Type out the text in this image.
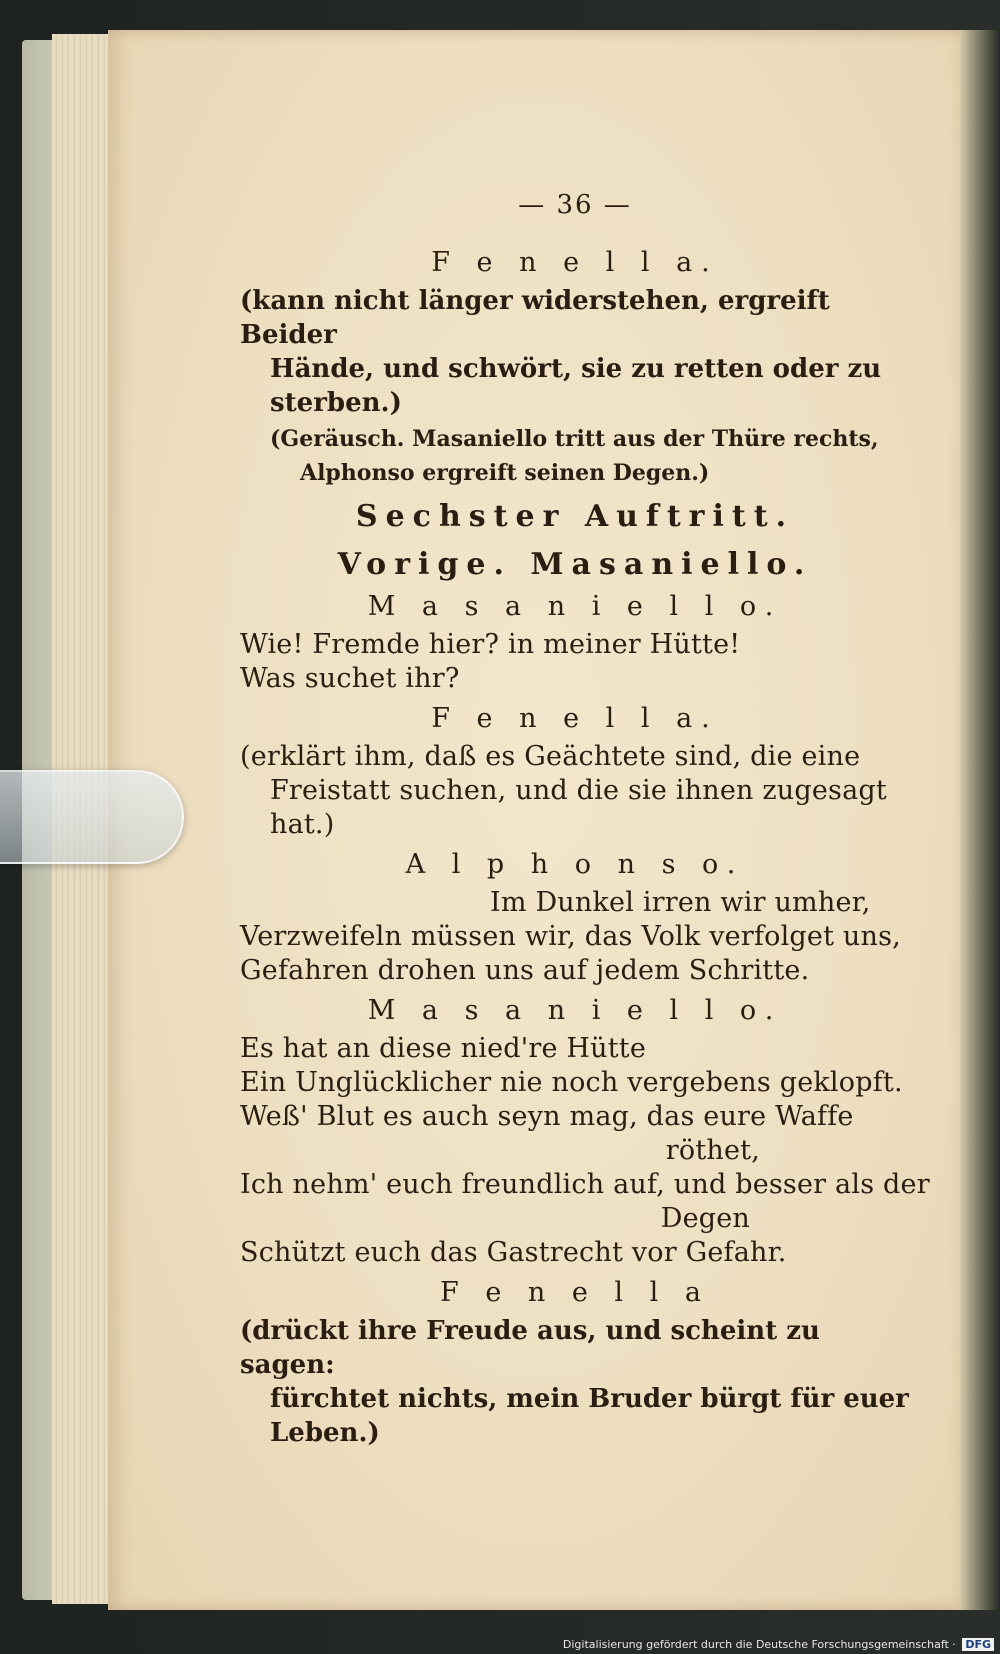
— 36 —

F e n e l l a.

(kann nicht länger widerstehen, ergreift Beider

Hände, und schwört, sie zu retten oder zu

sterben.)

(Geräusch. Masaniello tritt aus der Thüre rechts,

Alphonso ergreift seinen Degen.)

Sechster Auftritt.

Vorige. Masaniello.

M a s a n i e l l o.

Wie! Fremde hier? in meiner Hütte!

Was suchet ihr?

F e n e l l a.

(erklärt ihm, daß es Geächtete sind, die eine

Freistatt suchen, und die sie ihnen zugesagt

hat.)

A l p h o n s o.

Im Dunkel irren wir umher,

Verzweifeln müssen wir, das Volk verfolget uns,

Gefahren drohen uns auf jedem Schritte.

M a s a n i e l l o.

Es hat an diese nied're Hütte

Ein Unglücklicher nie noch vergebens geklopft.

Weß' Blut es auch seyn mag, das eure Waffe

röthet,

Ich nehm' euch freundlich auf, und besser als der

Degen

Schützt euch das Gastrecht vor Gefahr.

F e n e l l a

(drückt ihre Freude aus, und scheint zu sagen:

fürchtet nichts, mein Bruder bürgt für euer

Leben.)

Digitalisierung gefördert durch die Deutsche Forschungsgemeinschaft · DFG
